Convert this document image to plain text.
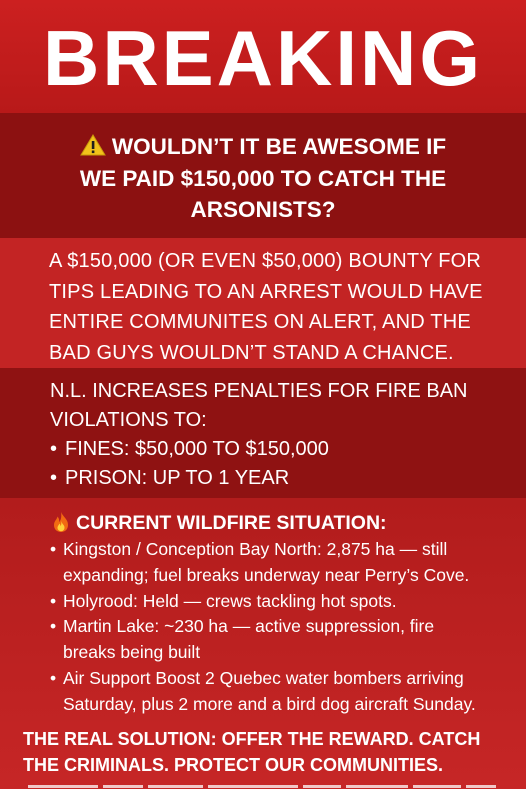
BREAKING
WOULDN’T IT BE AWESOME IF
WE PAID $150,000 TO CATCH THE
ARSONISTS?
A $150,000 (OR EVEN $50,000) BOUNTY FOR
TIPS LEADING TO AN ARREST WOULD HAVE
ENTIRE COMMUNITES ON ALERT, AND THE
BAD GUYS WOULDN’T STAND A CHANCE.
N.L. INCREASES PENALTIES FOR FIRE BAN
VIOLATIONS TO:
• FINES: $50,000 TO $150,000
• PRISON: UP TO 1 YEAR
CURRENT WILDFIRE SITUATION:
• Kingston / Conception Bay North: 2,875 ha — still
expanding; fuel breaks underway near Perry’s Cove.
• Holyrood: Held — crews tackling hot spots.
• Martin Lake: ~230 ha — active suppression, fire
breaks being built
• Air Support Boost 2 Quebec water bombers arriving
Saturday, plus 2 more and a bird dog aircraft Sunday.
THE REAL SOLUTION: OFFER THE REWARD. CATCH
THE CRIMINALS. PROTECT OUR COMMUNITIES.
